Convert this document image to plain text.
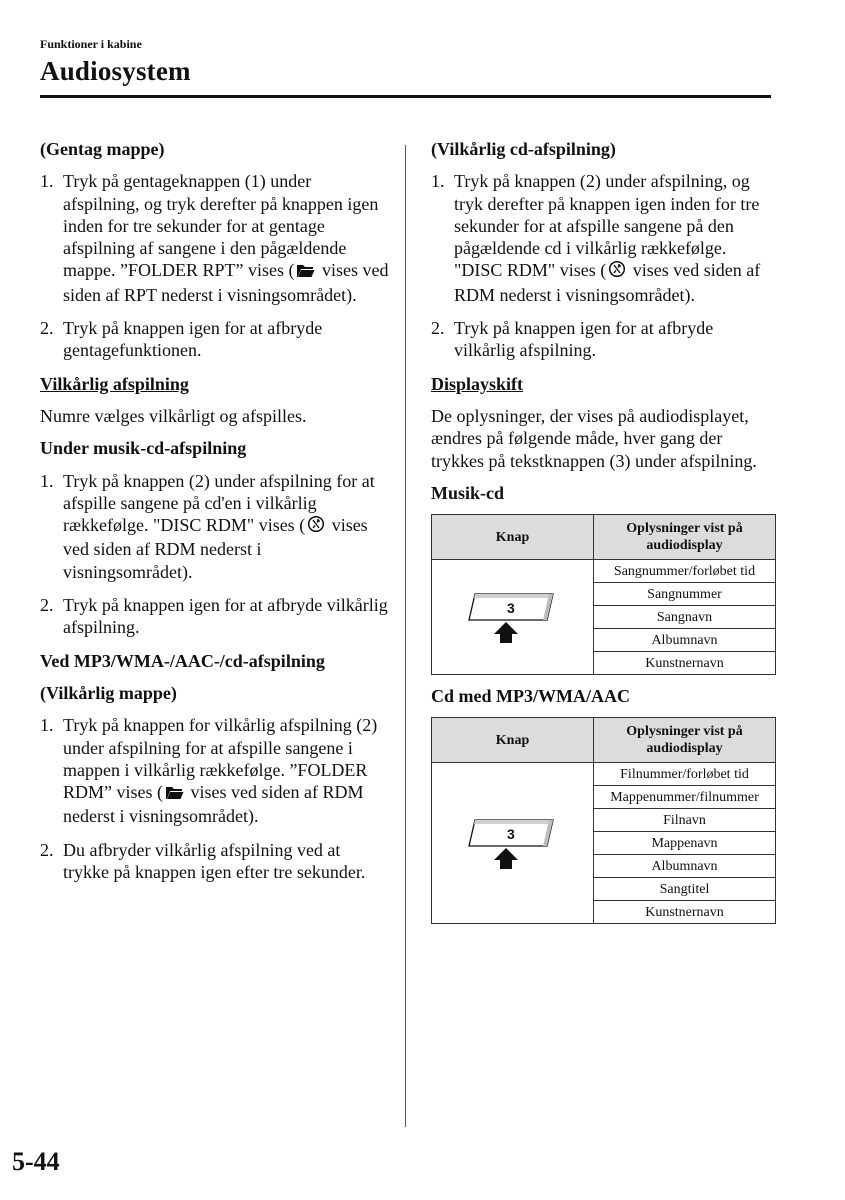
Funktioner i kabine
Audiosystem
(Gentag mappe)
1. Tryk på gentageknappen (1) under afspilning, og tryk derefter på knappen igen inden for tre sekunder for at gentage afspilning af sangene i den pågældende mappe. ”FOLDER RPT” vises ( vises ved siden af RPT nederst i visningsområdet).
2. Tryk på knappen igen for at afbryde gentagefunktionen.
Vilkårlig afspilning

Numre vælges vilkårligt og afspilles.

Under musik-cd-afspilning
1. Tryk på knappen (2) under afspilning for at afspille sangene på cd'en i vilkårlig rækkefølge. "DISC RDM" vises ( vises ved siden af RDM nederst i visningsområdet).
2. Tryk på knappen igen for at afbryde vilkårlig afspilning.
Ved MP3/WMA-/AAC-/cd-afspilning
(Vilkårlig mappe)
1. Tryk på knappen for vilkårlig afspilning (2) under afspilning for at afspille sangene i mappen i vilkårlig rækkefølge. ”FOLDER RDM” vises ( vises ved siden af RDM nederst i visningsområdet).
2. Du afbryder vilkårlig afspilning ved at trykke på knappen igen efter tre sekunder.
(Vilkårlig cd-afspilning)
1. Tryk på knappen (2) under afspilning, og tryk derefter på knappen igen inden for tre sekunder for at afspille sangene på den pågældende cd i vilkårlig rækkefølge. "DISC RDM" vises ( vises ved siden af RDM nederst i visningsområdet).
2. Tryk på knappen igen for at afbryde vilkårlig afspilning.
Displayskift

De oplysninger, der vises på audiodisplayet, ændres på følgende måde, hver gang der trykkes på tekstknappen (3) under afspilning.

Musik-cd
Knap	Oplysninger vist på audiodisplay

3	Sangnummer/forløbet tid
	Sangnummer
	Sangnavn
	Albumnavn
	Kunstnernavn
Cd med MP3/WMA/AAC
Knap	Oplysninger vist på audiodisplay

3	Filnummer/forløbet tid
	Mappenummer/filnummer
	Filnavn
	Mappenavn
	Albumnavn
	Sangtitel
	Kunstnernavn
5-44
